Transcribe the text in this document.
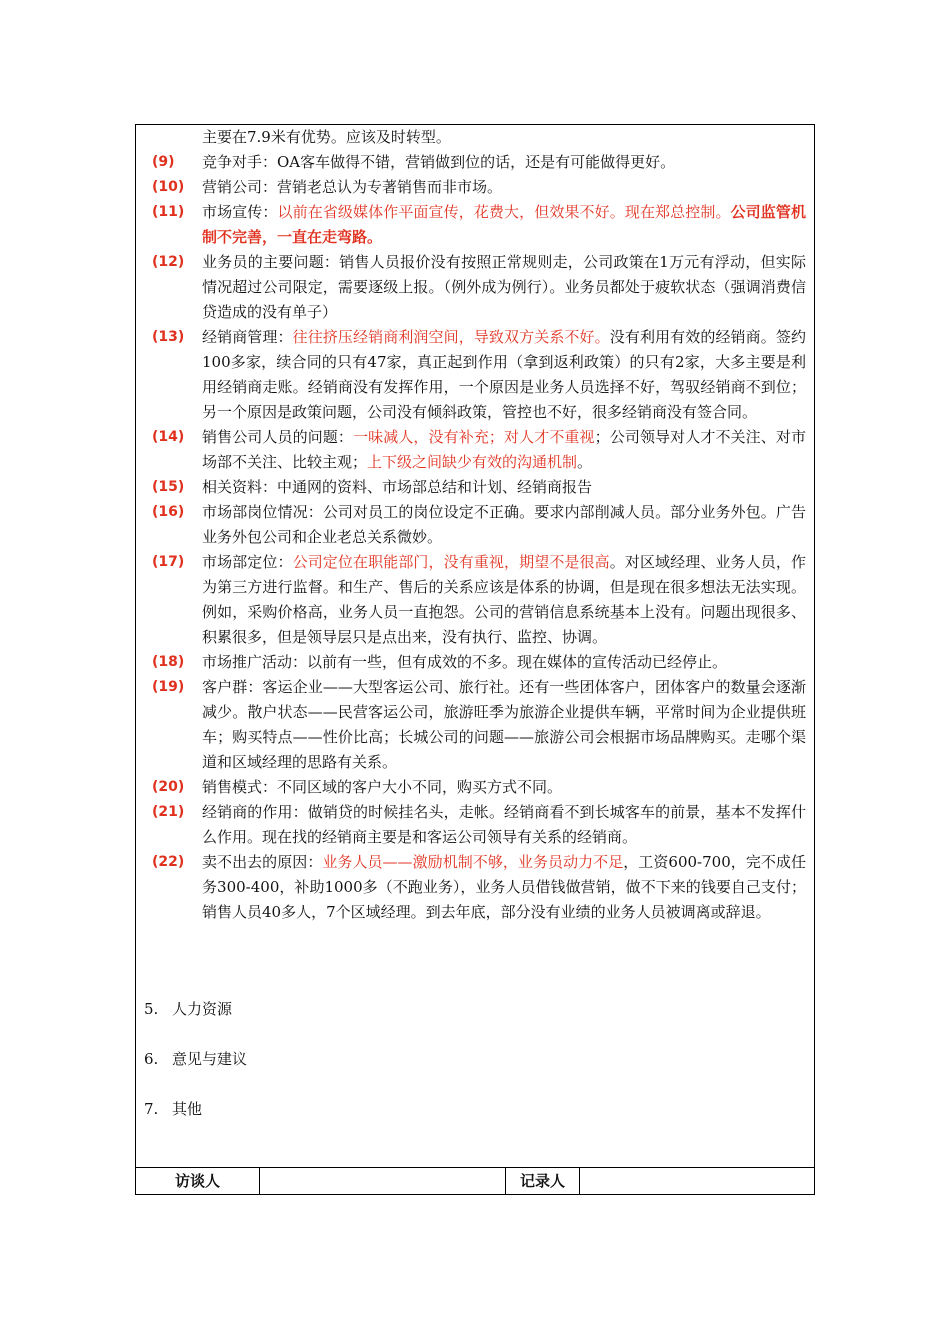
主要在7.9米有优势。应该及时转型。
(9)	竞争对手：OA客车做得不错，营销做到位的话，还是有可能做得更好。
(10)	营销公司：营销老总认为专著销售而非市场。
(11)	市场宣传：以前在省级媒体作平面宣传，花费大，但效果不好。现在郑总控制。公司监管机制不完善，一直在走弯路。
(12)	业务员的主要问题：销售人员报价没有按照正常规则走，公司政策在1万元有浮动，但实际情况超过公司限定，需要逐级上报。（例外成为例行）。业务员都处于疲软状态（强调消费信贷造成的没有单子）
(13)	经销商管理：往往挤压经销商利润空间，导致双方关系不好。没有利用有效的经销商。签约100多家，续合同的只有47家，真正起到作用（拿到返利政策）的只有2家，大多主要是利用经销商走账。经销商没有发挥作用，一个原因是业务人员选择不好，驾驭经销商不到位；另一个原因是政策问题，公司没有倾斜政策，管控也不好，很多经销商没有签合同。
(14)	销售公司人员的问题：一味减人，没有补充；对人才不重视；公司领导对人才不关注、对市场部不关注、比较主观；上下级之间缺少有效的沟通机制。
(15)	相关资料：中通网的资料、市场部总结和计划、经销商报告
(16)	市场部岗位情况：公司对员工的岗位设定不正确。要求内部削减人员。部分业务外包。广告业务外包公司和企业老总关系微妙。
(17)	市场部定位：公司定位在职能部门，没有重视，期望不是很高。对区域经理、业务人员，作为第三方进行监督。和生产、售后的关系应该是体系的协调，但是现在很多想法无法实现。例如，采购价格高，业务人员一直抱怨。公司的营销信息系统基本上没有。问题出现很多、积累很多，但是领导层只是点出来，没有执行、监控、协调。
(18)	市场推广活动：以前有一些，但有成效的不多。现在媒体的宣传活动已经停止。
(19)	客户群：客运企业——大型客运公司、旅行社。还有一些团体客户，团体客户的数量会逐渐减少。散户状态——民营客运公司，旅游旺季为旅游企业提供车辆，平常时间为企业提供班车；购买特点——性价比高；长城公司的问题——旅游公司会根据市场品牌购买。走哪个渠道和区域经理的思路有关系。
(20)	销售模式：不同区域的客户大小不同，购买方式不同。
(21)	经销商的作用：做销贷的时候挂名头，走帐。经销商看不到长城客车的前景，基本不发挥什么作用。现在找的经销商主要是和客运公司领导有关系的经销商。
(22)	卖不出去的原因：业务人员——激励机制不够，业务员动力不足，工资600-700，完不成任务300-400，补助1000多（不跑业务），业务人员借钱做营销，做不下来的钱要自己支付；销售人员40多人，7个区域经理。到去年底，部分没有业绩的业务人员被调离或辞退。
5. 人力资源
6. 意见与建议
7. 其他
访谈人	记录人
